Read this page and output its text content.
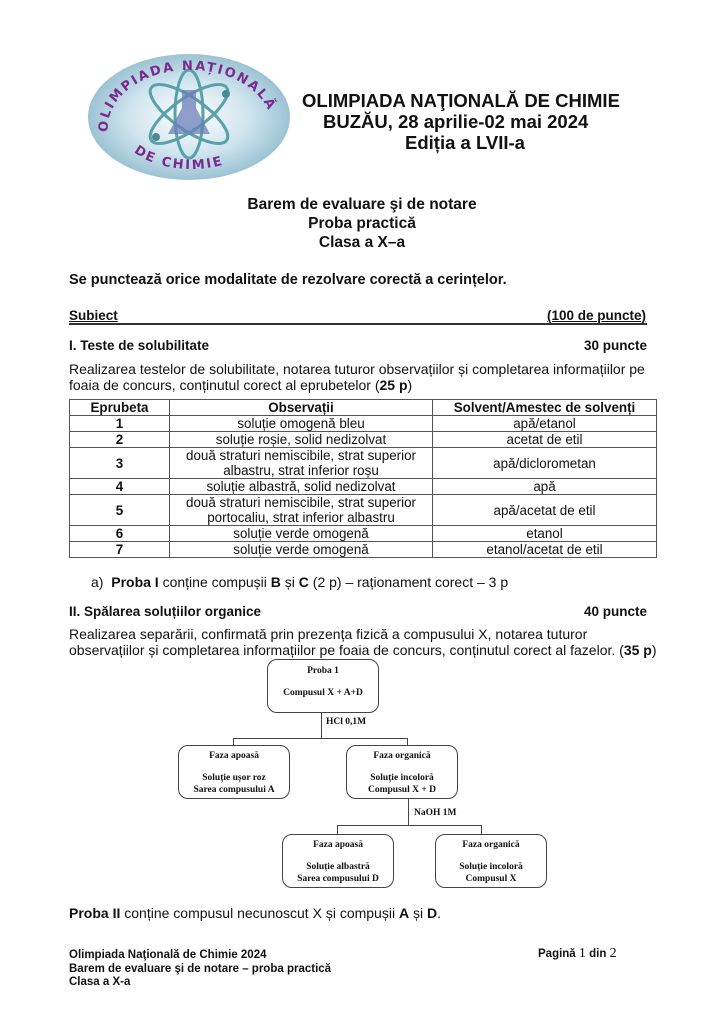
OLIMPIADA NAȚIONALĂ
DE CHIMIE
OLIMPIADA NAŢIONALĂ DE CHIMIE
BUZĂU, 28 aprilie-02 mai 2024
Ediția a LVII-a
Barem de evaluare şi de notare
Proba practică
Clasa a X–a
Se punctează orice modalitate de rezolvare corectă a cerințelor.
Subiect	(100 de puncte)
I. Teste de solubilitate	30 puncte
Realizarea testelor de solubilitate, notarea tuturor observațiilor și completarea informațiilor pe foaia de concurs, conținutul corect al eprubetelor (25 p)
Eprubeta	Observații	Solvent/Amestec de solvenți
1	soluție omogenă bleu	apă/etanol
2	soluție roșie, solid nedizolvat	acetat de etil
3	două straturi nemiscibile, strat superior albastru, strat inferior roșu	apă/diclorometan
4	soluție albastră, solid nedizolvat	apă
5	două straturi nemiscibile, strat superior portocaliu, strat inferior albastru	apă/acetat de etil
6	soluție verde omogenă	etanol
7	soluție verde omogenă	etanol/acetat de etil
a) Proba I conține compușii B și C (2 p) – raționament corect – 3 p
II. Spălarea soluțiilor organice	40 puncte
Realizarea separării, confirmată prin prezența fizică a compusului X, notarea tuturor observațiilor și completarea informațiilor pe foaia de concurs, conținutul corect al fazelor. (35 p)
Proba 1
Compusul X + A+D
HCl 0,1M
Faza apoasă
Soluție ușor roz
Sarea compusului A
Faza organică
Soluție incoloră
Compusul X + D
NaOH 1M
Faza apoasă
Soluție albastră
Sarea compusului D
Faza organică
Soluție incoloră
Compusul X
Proba II conține compusul necunoscut X și compușii A și D.
Olimpiada Naţională de Chimie 2024
Barem de evaluare şi de notare – proba practică
Clasa a X-a
Pagină 1 din 2
